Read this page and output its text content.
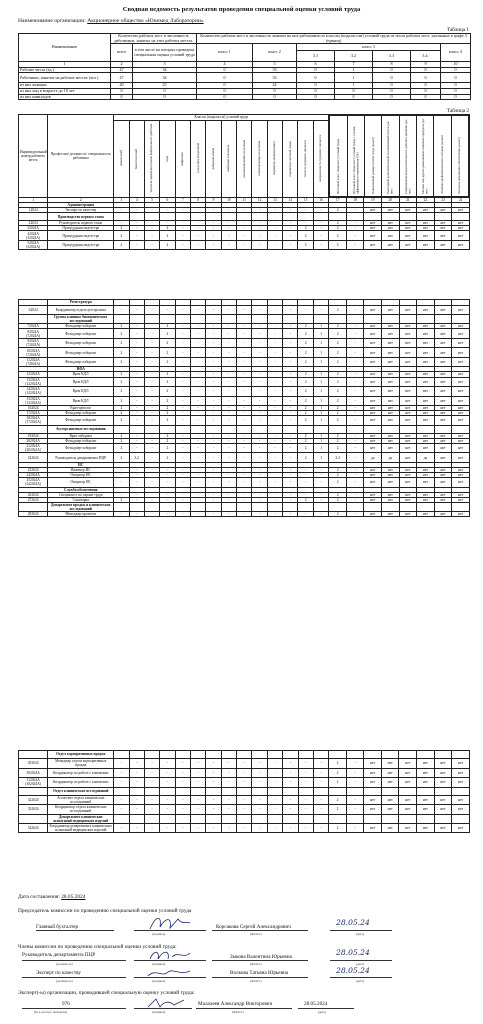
Сводная ведомость результатов проведения специальной оценки условий труда
Наименование организации: Акционерное общество «Юнимед Лаборатории»
Таблица 1
Наименование	Количество рабочих мест и численность работников, занятых на этих рабочих местах		Количество рабочих мест и численность занятых на них работников по классам (подклассам) условий труда из числа рабочих мест, указанных в графе 3 (единиц)						
	всего	в том числе на которых проведена специальная оценка условий труда	класс 1	класс 2	класс 3				класс 4
					3.1	3.2	3.3	3.4.	

1	2	3	4	5	6	7	8	9	10
Рабочие места (ед.)	47	34	0	33	0	1	0	0	0
Работники, занятые на рабочих местах (чел.)	47	34	0	33	0	1	0	0	0
из них женщин	40	25	0	24	0	1	0	0	0
из них лиц в возрасте до 18 лет	0	0	0	0	0	0	0	0	0
из них инвалидов	0	0	0	0	0	0	0	0	0
Таблица 2
Индивидуальный номер рабочего места	Профессия/ должность/ специальность работника	Классы (подклассы) условий труда	
Итоговый класс (подкласс) условий труда	Итоговый класс (подкласс) условий труда с учетом эффективного применения СИЗ	Повышенный размер оплаты труда (да,нет)	Ежегодный дополнительный оплачиваемый отпуск (да/нет)	Сокращенная продолжительность рабочего времени (да/нет)	Молоко или другие равноценные пищевые продукты (да/нет)	Лечебно-профилактическое питание (да/нет)	Льготное пенсионное обеспечение (да/нет)

химический	биологический	аэрозоли преимущественно фиброгенного действия	шум	инфразвук	ультразвук воздушный	вибрация общая	вибрация локальная	неионизирующие излучения	ионизирующие излучения	параметры микроклимата	параметры световой среды	тяжесть трудового процесса	напряженность трудового процесса
1	2	3	4	5	6	7	8	9	10	11	12	13	14	15	16	17	18	19	20	21	22	23	24
	Администрация																						
12024	Эксперт по качеству	-	-	-	-	-	-	-	-	-	-	-	-	-	-	2	-	нет	нет	нет	нет	нет	нет
	Производство первого этапа																						
22024	Руководитель первого этапа	-	-	-	-	-	-	-	-	-	-	-	-	-	-	2	-	нет	нет	нет	нет	нет	нет
32024А	Процедурная медсестра	2	-	-	2	-	-	-	-	-	-	-	-	2	-	2	-	нет	нет	нет	нет	нет	нет
42024А (32024А)	Процедурная медсестра	2	-	-	2	-	-	-	-	-	-	-	-	2	-	2	-	нет	нет	нет	нет	нет	нет
52024А (32024А)	Процедурная медсестра	2	-	-	2	-	-	-	-	-	-	-	-	2	-	2	-	нет	нет	нет	нет	нет	нет

	Регистратура																						
62024	Координатор отдела аутсорсинга	-	-	-	-	-	-	-	-	-	-	-	-	-	-	2	-	нет	нет	нет	нет	нет	нет
	Группа клинико-биохимических исследований																						
72024А	Фельдшер-лаборант	2	-	-	2	-	-	-	-	-	-	-	-	2	1	2	-	нет	нет	нет	нет	нет	нет
82024А (72024А)	Фельдшер-лаборант	2	-	-	2	-	-	-	-	-	-	-	-	2	1	2	-	нет	нет	нет	нет	нет	нет
92024А (72024А)	Фельдшер-лаборант	2	-	-	2	-	-	-	-	-	-	-	-	2	1	2	-	нет	нет	нет	нет	нет	нет
102024А (72024А)	Фельдшер-лаборант	2	-	-	2	-	-	-	-	-	-	-	-	2	1	2	-	нет	нет	нет	нет	нет	нет
112024А (72024А)	Фельдшер-лаборант	2	-	-	2	-	-	-	-	-	-	-	-	2	1	2	-	нет	нет	нет	нет	нет	нет
	ИФА																						
122024А	Врач КДЛ	2	-	-	2	-	-	-	-	-	-	-	-	2	1	2	-	нет	нет	нет	нет	нет	нет
132024А (122024А)	Врач КДЛ	2	-	-	2	-	-	-	-	-	-	-	-	2	1	2	-	нет	нет	нет	нет	нет	нет
142024А (122024А)	Врач КДЛ	2	-	-	2	-	-	-	-	-	-	-	-	2	1	2	-	нет	нет	нет	нет	нет	нет
152024А (122024А)	Врач КДЛ	2	-	-	2	-	-	-	-	-	-	-	-	2	1	2	-	нет	нет	нет	нет	нет	нет
162024	Врач-цитолог	2	-	-	2	-	-	-	-	-	-	-	-	2	1	2	-	нет	нет	нет	нет	нет	нет
172024А	Фельдшер-лаборант	2	-	-	2	-	-	-	-	-	-	-	-	2	1	2	-	нет	нет	нет	нет	нет	нет
182024А (172024А)	Фельдшер-лаборант	2	-	-	2	-	-	-	-	-	-	-	-	2	1	2	-	нет	нет	нет	нет	нет	нет
	Аутсорсинговые исследования																						
192024	Врач-лаборант	2	-	-	2	-	-	-	-	-	-	-	-	2	1	2	-	нет	нет	нет	нет	нет	нет
202024А	Фельдшер-лаборант	2	-	-	2	-	-	-	-	-	-	-	-	2	1	2	-	нет	нет	нет	нет	нет	нет
212024А (202024А)	Фельдшер-лаборант	2	-	-	2	-	-	-	-	-	-	-	-	2	1	2	-	нет	нет	нет	нет	нет	нет
222024	Руководитель департамента ПЦР	2	3.2	-	2	-	-	-	-	-	-	-	-	2	1	3.2	-	да	да	нет	да	нет	нет
	ИС																						
232024	Инженер ИС	-	-	-	-	-	-	-	-	-	-	-	-	-	-	2	-	нет	нет	нет	нет	нет	нет
242024А	Оператор ИС	-	-	-	-	-	-	-	-	-	-	-	-	-	-	2	-	нет	нет	нет	нет	нет	нет
252024А (242024А)	Оператор ИС	-	-	-	-	-	-	-	-	-	-	-	-	-	-	2	-	нет	нет	нет	нет	нет	нет
	Служба обеспечения																						
262024	Специалист по охране труда	-	-	-	-	-	-	-	-	-	-	-	-	-	-	2	-	нет	нет	нет	нет	нет	нет
272024	Санитарка	2	-	-	-	-	-	-	-	-	-	-	-	2	-	2	-	нет	нет	нет	нет	нет	нет
	Департамент продаж и клинических исследований																						
282024	Менеджер проектов	-	-	-	-	-	-	-	-	-	-	-	-	-	-	2	-	нет	нет	нет	нет	нет	нет
	Отдел корпоративных продаж																						
292024	Менеджер отдела корпоративных продаж	-	-	-	-	-	-	-	-	-	-	-	-	-	-	2	-	нет	нет	нет	нет	нет	нет
302024А	Координатор по работе с клиентами	-	-	-	-	-	-	-	-	-	-	-	-	-	-	2	-	нет	нет	нет	нет	нет	нет
312024А (302024А)	Координатор по работе с клиентами	-	-	-	-	-	-	-	-	-	-	-	-	-	-	2	-	нет	нет	нет	нет	нет	нет
	Отдел клинических исследований																						
322024	Ассистент отдела клинических исследований	-	-	-	-	-	-	-	-	-	-	-	-	-	-	2	-	нет	нет	нет	нет	нет	нет
332024	Координатор отдела клинических исследований	-	-	-	-	-	-	-	-	-	-	-	-	-	-	2	-	нет	нет	нет	нет	нет	нет
	Департамент клинических испытаний медицинских изделий																						
342024	Координатор департамента клинических испытаний медицинских изделий	-	-	-	-	-	-	-	-	-	-	-	-	-	-	2	-	нет	нет	нет	нет	нет	нет
Дата составления: 28.05.2024
Председатель комиссии по проведению специальной оценки условий труда
Главный бухгалтер	Корсакова Сергей Александрович	28.05.24
(подпись)	(Ф.И.О.)	(дата)
Члены комиссии по проведению специальной оценки условий труда:
Руководитель департамента ПЦР	Зыкова Валентина Юрьевна	28.05.24
(должность)	(подпись)	(Ф.И.О.)	(дата)
Эксперт по качеству	Волкова Татьяна Юрьевна	28.05.24
(должность)	(подпись)	(Ф.И.О.)	(дата)
Эксперт(-ы) организации, проводившей специальную оценку условий труда:
976	Малахеев Александр Викторович	28.05.2024
(№ в реестре экспертов)	(подпись)	(Ф.И.О.)	(дата)
